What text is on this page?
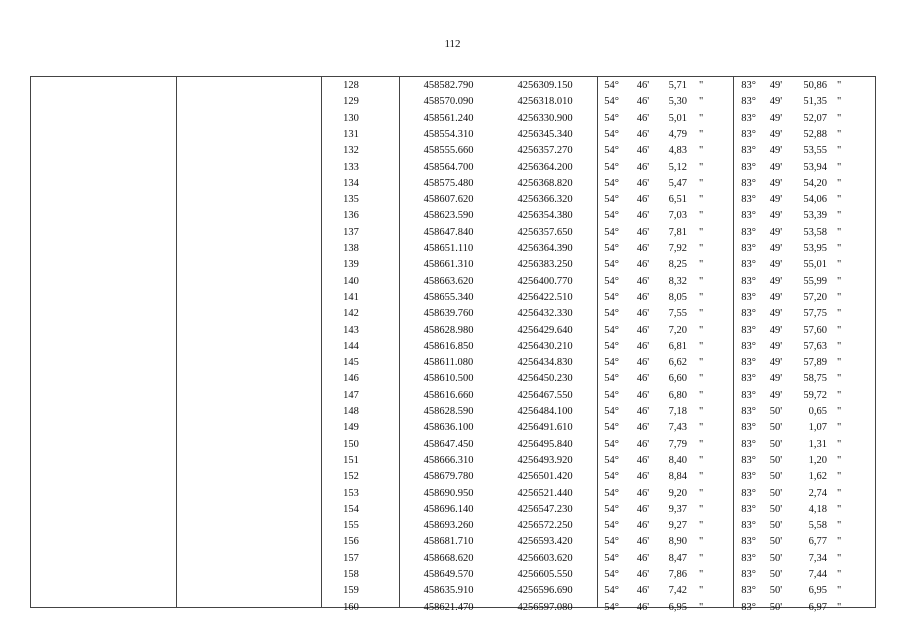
112
128	458582.790	4256309.150	54°	46'	5,71 "	83°	49'	50,86 "
129	458570.090	4256318.010	54°	46'	5,30 "	83°	49'	51,35 "
130	458561.240	4256330.900	54°	46'	5,01 "	83°	49'	52,07 "
131	458554.310	4256345.340	54°	46'	4,79 "	83°	49'	52,88 "
132	458555.660	4256357.270	54°	46'	4,83 "	83°	49'	53,55 "
133	458564.700	4256364.200	54°	46'	5,12 "	83°	49'	53,94 "
134	458575.480	4256368.820	54°	46'	5,47 "	83°	49'	54,20 "
135	458607.620	4256366.320	54°	46'	6,51 "	83°	49'	54,06 "
136	458623.590	4256354.380	54°	46'	7,03 "	83°	49'	53,39 "
137	458647.840	4256357.650	54°	46'	7,81 "	83°	49'	53,58 "
138	458651.110	4256364.390	54°	46'	7,92 "	83°	49'	53,95 "
139	458661.310	4256383.250	54°	46'	8,25 "	83°	49'	55,01 "
140	458663.620	4256400.770	54°	46'	8,32 "	83°	49'	55,99 "
141	458655.340	4256422.510	54°	46'	8,05 "	83°	49'	57,20 "
142	458639.760	4256432.330	54°	46'	7,55 "	83°	49'	57,75 "
143	458628.980	4256429.640	54°	46'	7,20 "	83°	49'	57,60 "
144	458616.850	4256430.210	54°	46'	6,81 "	83°	49'	57,63 "
145	458611.080	4256434.830	54°	46'	6,62 "	83°	49'	57,89 "
146	458610.500	4256450.230	54°	46'	6,60 "	83°	49'	58,75 "
147	458616.660	4256467.550	54°	46'	6,80 "	83°	49'	59,72 "
148	458628.590	4256484.100	54°	46'	7,18 "	83°	50'	0,65 "
149	458636.100	4256491.610	54°	46'	7,43 "	83°	50'	1,07 "
150	458647.450	4256495.840	54°	46'	7,79 "	83°	50'	1,31 "
151	458666.310	4256493.920	54°	46'	8,40 "	83°	50'	1,20 "
152	458679.780	4256501.420	54°	46'	8,84 "	83°	50'	1,62 "
153	458690.950	4256521.440	54°	46'	9,20 "	83°	50'	2,74 "
154	458696.140	4256547.230	54°	46'	9,37 "	83°	50'	4,18 "
155	458693.260	4256572.250	54°	46'	9,27 "	83°	50'	5,58 "
156	458681.710	4256593.420	54°	46'	8,90 "	83°	50'	6,77 "
157	458668.620	4256603.620	54°	46'	8,47 "	83°	50'	7,34 "
158	458649.570	4256605.550	54°	46'	7,86 "	83°	50'	7,44 "
159	458635.910	4256596.690	54°	46'	7,42 "	83°	50'	6,95 "
160	458621.470	4256597.080	54°	46'	6,95 "	83°	50'	6,97 "
